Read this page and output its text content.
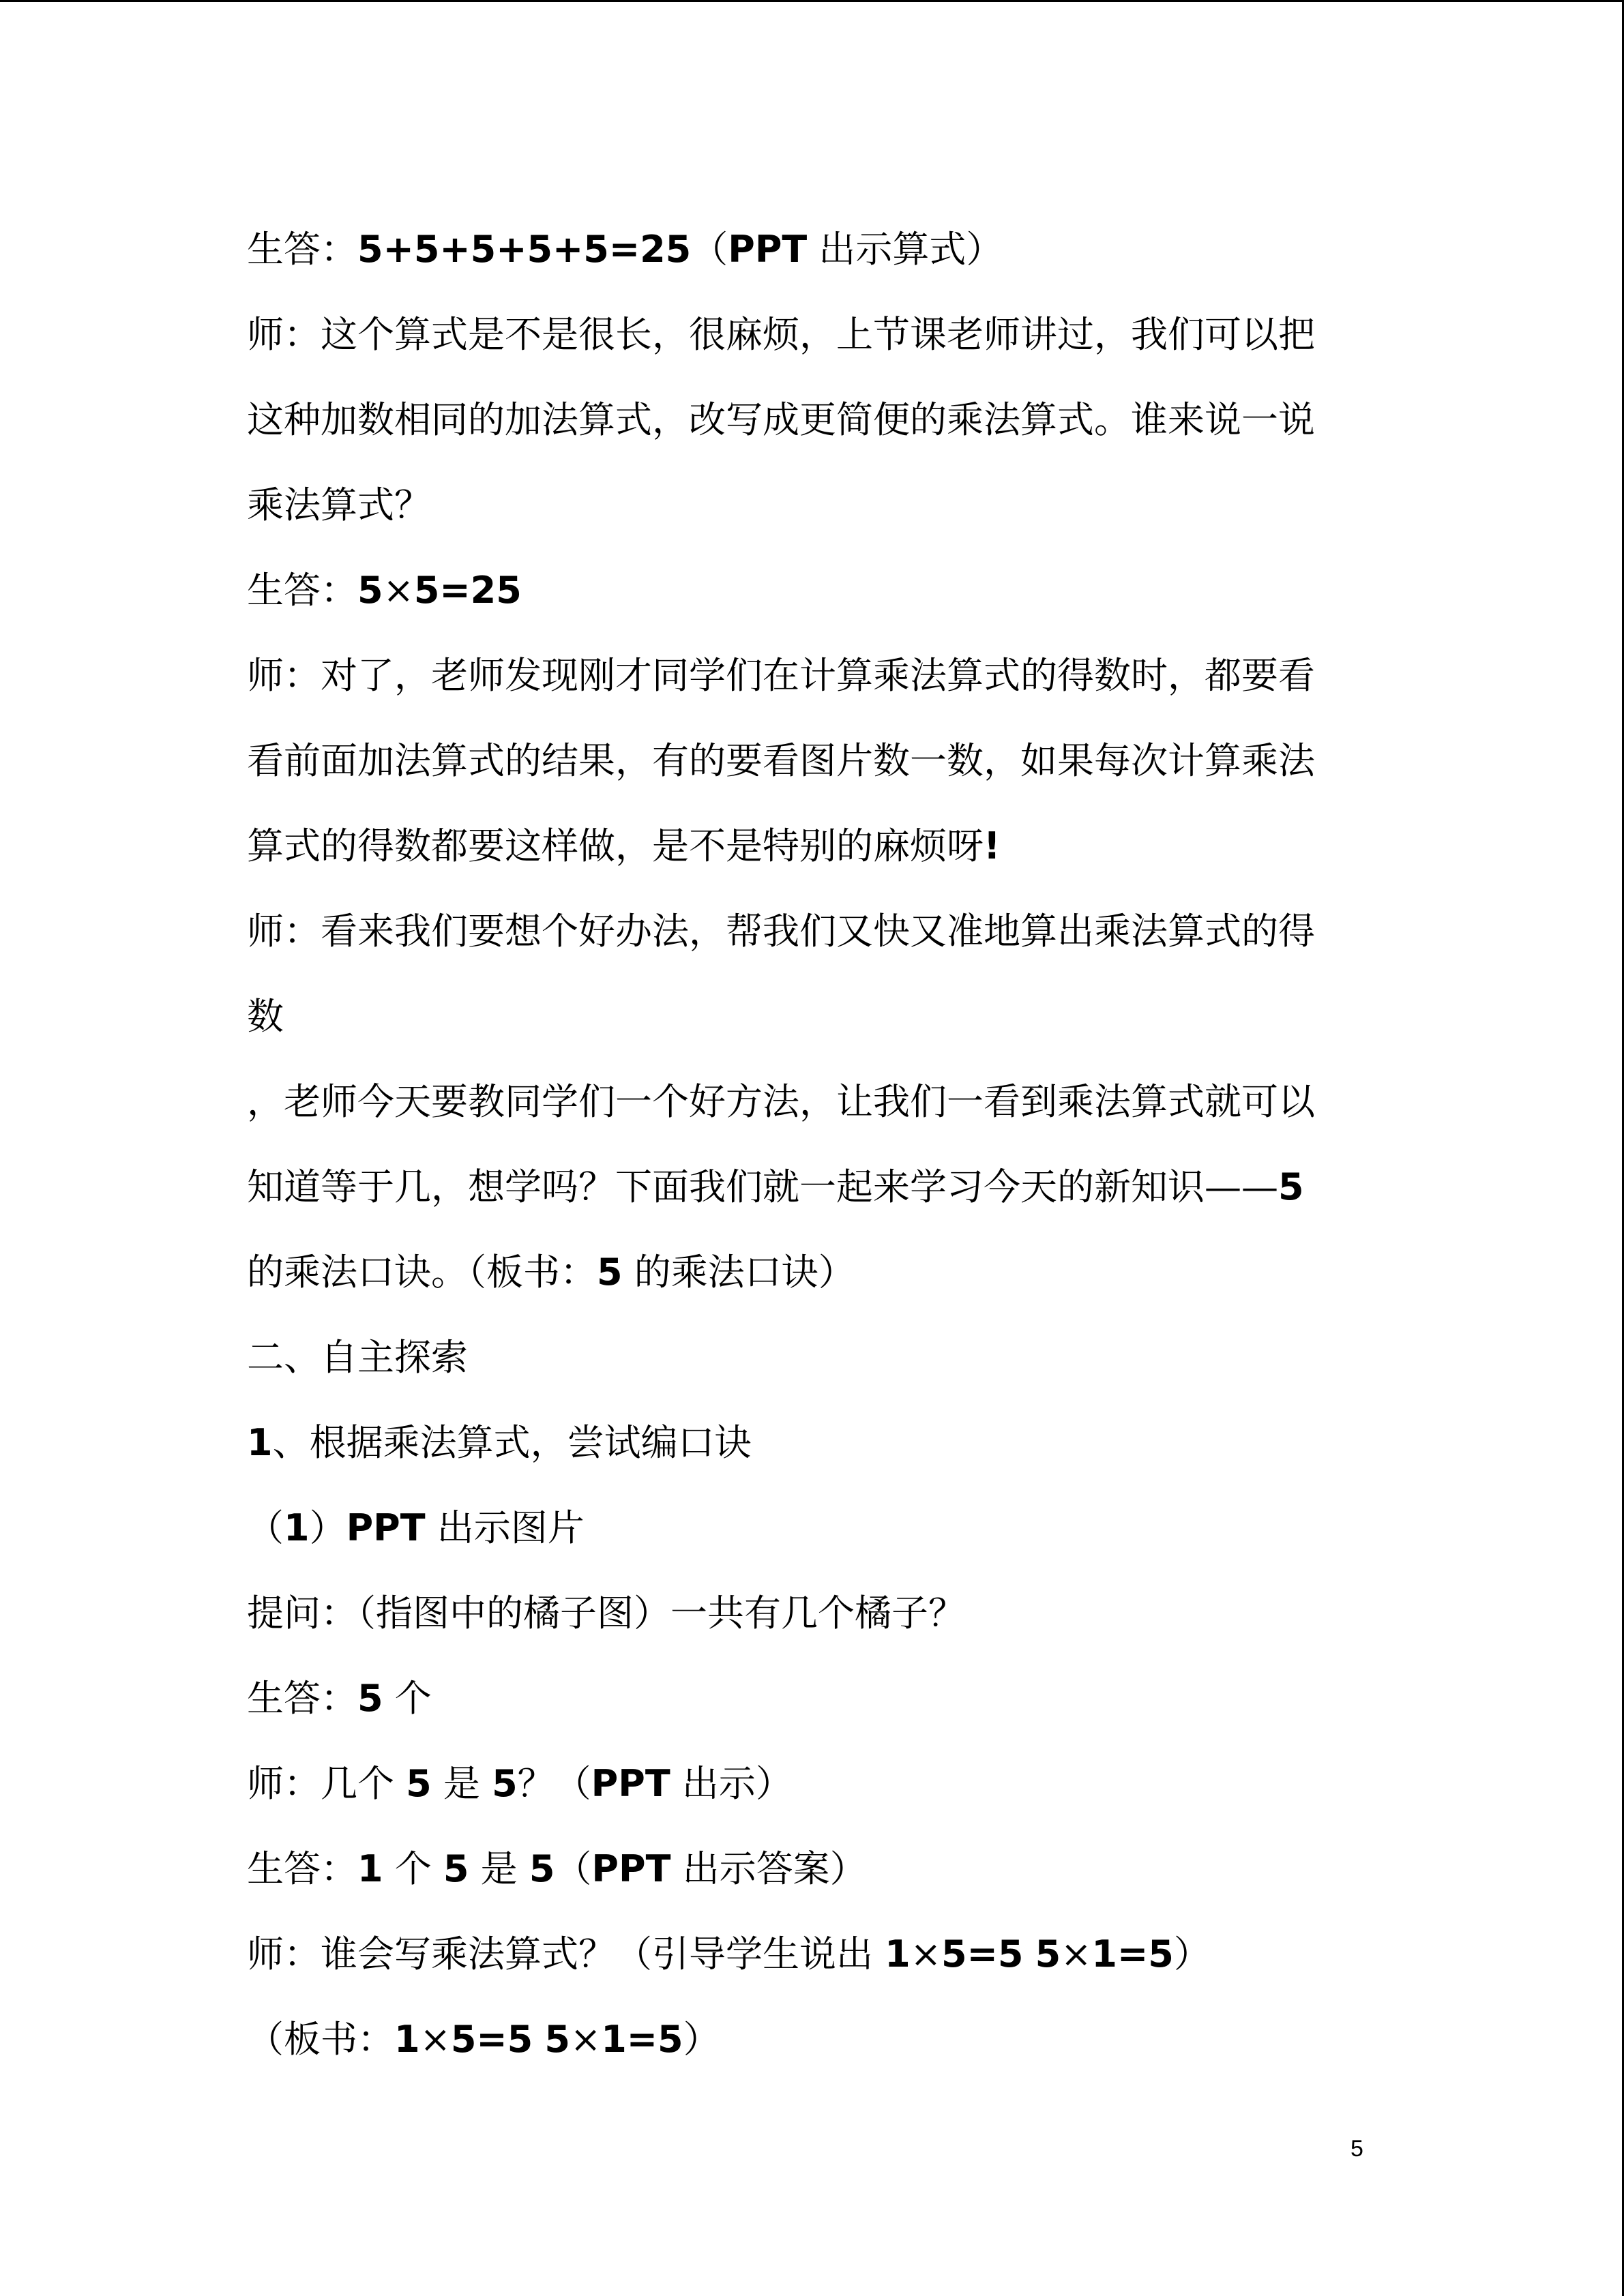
生答：5+5+5+5+5=25（PPT 出示算式）
师：这个算式是不是很长，很麻烦，上节课老师讲过，我们可以把
这种加数相同的加法算式，改写成更简便的乘法算式。谁来说一说
乘法算式？
生答：5×5=25
师：对了，老师发现刚才同学们在计算乘法算式的得数时，都要看
看前面加法算式的结果，有的要看图片数一数，如果每次计算乘法
算式的得数都要这样做，是不是特别的麻烦呀!
师：看来我们要想个好办法，帮我们又快又准地算出乘法算式的得
数
，老师今天要教同学们一个好方法，让我们一看到乘法算式就可以
知道等于几，想学吗？下面我们就一起来学习今天的新知识——5
的乘法口诀。（板书：5 的乘法口诀）
二、自主探索
1、根据乘法算式，尝试编口诀
（1）PPT 出示图片
提问：（指图中的橘子图）一共有几个橘子？
生答：5 个
师：几个 5 是 5？（PPT 出示）
生答：1 个 5 是 5（PPT 出示答案）
师：谁会写乘法算式？（引导学生说出 1×5=5 5×1=5）
（板书：1×5=5 5×1=5）
5
